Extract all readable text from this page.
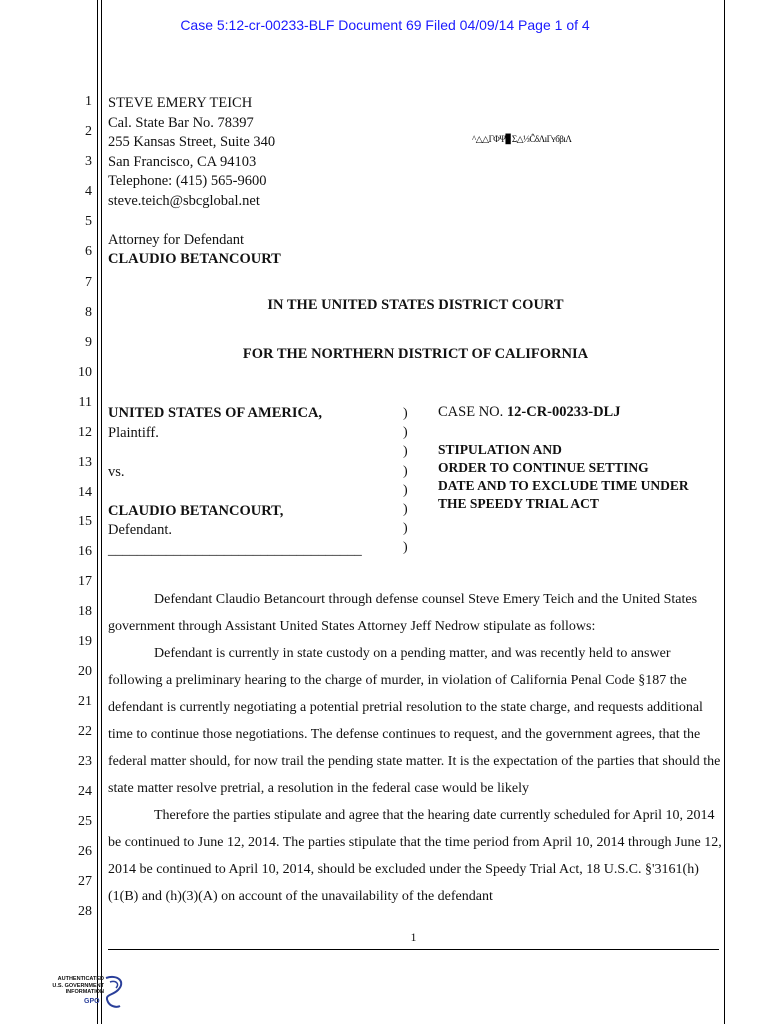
Case 5:12-cr-00233-BLF Document 69 Filed 04/09/14 Page 1 of 4
1
2
3
4
5
6
7
8
9
10
11
12
13
14
15
16
17
18
19
20
21
22
23
24
25
26
27
28
STEVE EMERY TEICH
Cal. State Bar No. 78397
255 Kansas Street, Suite 340
San Francisco, CA 94103
Telephone: (415) 565-9600
steve.teich@sbcglobal.net
Attorney for Defendant
CLAUDIO BETANCOURT
^△△ΓΦΨ▊Σ△⅓ĈδɅıΓʏбβıΛ
IN THE UNITED STATES DISTRICT COURT
FOR THE NORTHERN DISTRICT OF CALIFORNIA
UNITED STATES OF AMERICA,
Plaintiff.
vs.
CLAUDIO BETANCOURT,
Defendant.
___________________________________
)
)
)
)
)
)
)
)
CASE NO. 12-CR-00233-DLJ
STIPULATION AND
ORDER TO CONTINUE SETTING
DATE AND TO EXCLUDE TIME UNDER
THE SPEEDY TRIAL ACT

Defendant Claudio Betancourt through defense counsel Steve Emery Teich and the United States government through Assistant United States Attorney Jeff Nedrow stipulate as follows:

Defendant is currently in state custody on a pending matter, and was recently held to answer following a preliminary hearing to the charge of murder, in violation of California Penal Code §187 the defendant is currently negotiating a potential pretrial resolution to the state charge, and requests additional time to continue those negotiations. The defense continues to request, and the government agrees, that the federal matter should, for now trail the pending state matter. It is the expectation of the parties that should the state matter resolve pretrial, a resolution in the federal case would be likely

Therefore the parties stipulate and agree that the hearing date currently scheduled for April 10, 2014 be continued to June 12, 2014. The parties stipulate that the time period from April 10, 2014 through June 12, 2014 be continued to April 10, 2014, should be excluded under the Speedy Trial Act, 18 U.S.C. §'3161(h)(1(B) and (h)(3)(A) on account of the unavailability of the defendant

1
AUTHENTICATED
U.S. GOVERNMENT
INFORMATION
GPO
